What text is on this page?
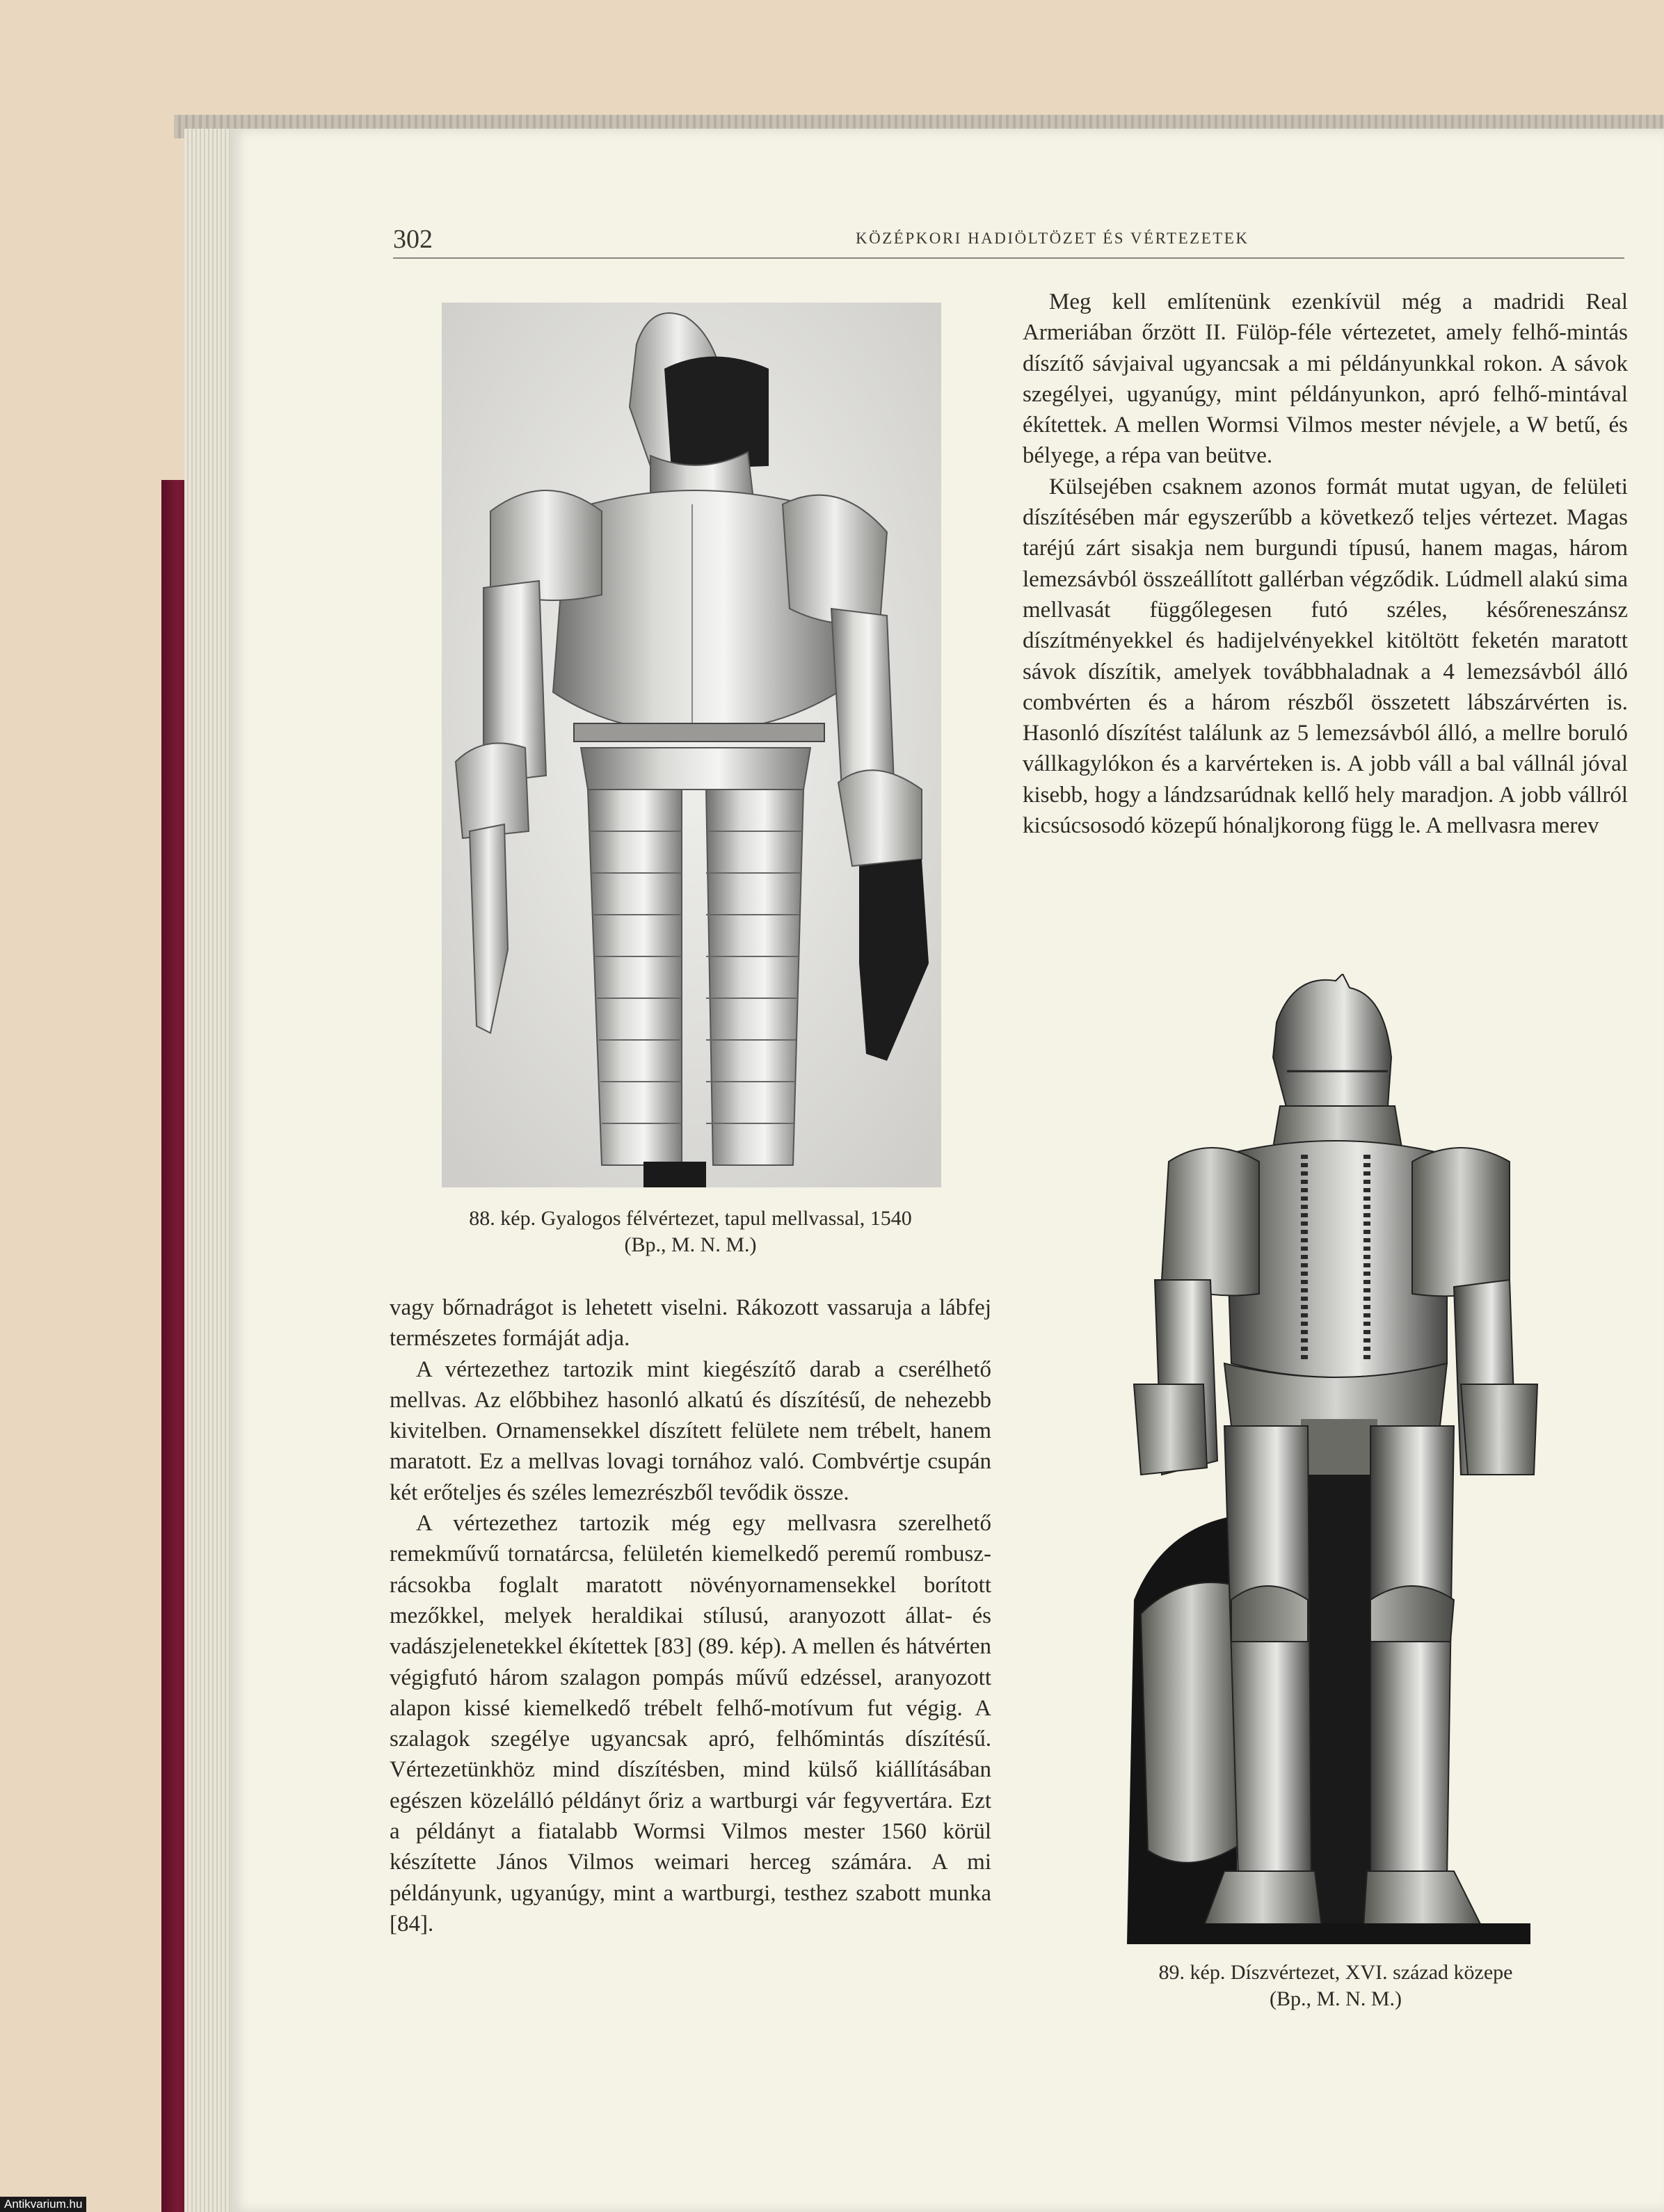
302	KÖZÉPKORI HADIÖLTÖZET ÉS VÉRTEZETEK
88. kép. Gyalogos félvértezet, tapul mellvassal, 1540
(Bp., M. N. M.)

Meg kell említenünk ezenkívül még a madridi Real Armeriában őrzött II. Fülöp-féle vértezetet, amely felhő-mintás díszítő sávjaival ugyancsak a mi példányunkkal rokon. A sávok szegélyei, ugyanúgy, mint példányunkon, apró felhő-mintával ékítettek. A mellen Wormsi Vilmos mester névjele, a W betű, és bélyege, a répa van beütve.

Külsejében csaknem azonos formát mutat ugyan, de felületi díszítésében már egyszerűbb a következő teljes vértezet. Magas taréjú zárt sisakja nem burgundi típusú, hanem magas, három lemezsávból összeállított gallérban végződik. Lúdmell alakú sima mellvasát függőlegesen futó széles, későreneszánsz díszítményekkel és hadijelvényekkel kitöltött feketén maratott sávok díszítik, amelyek továbbhaladnak a 4 lemezsávból álló combvérten és a három részből összetett lábszárvérten is. Hasonló díszítést találunk az 5 lemezsávból álló, a mellre boruló vállkagylókon és a karvérteken is. A jobb váll a bal vállnál jóval kisebb, hogy a lándzsarúdnak kellő hely maradjon. A jobb vállról kicsúcsosodó közepű hónaljkorong függ le. A mellvasra merev

89. kép. Díszvértezet, XVI. század közepe
(Bp., M. N. M.)

vagy bőrnadrágot is lehetett viselni. Rákozott vassaruja a lábfej természetes formáját adja.

A vértezethez tartozik mint kiegészítő darab a cserélhető mellvas. Az előbbihez hasonló alkatú és díszítésű, de nehezebb kivitelben. Ornamensekkel díszített felülete nem trébelt, hanem maratott. Ez a mellvas lovagi tornához való. Combvértje csupán két erőteljes és széles lemezrészből tevődik össze.

A vértezethez tartozik még egy mellvasra szerelhető remekművű tornatárcsa, felületén kiemelkedő peremű rombusz-rácsokba foglalt maratott növényornamensekkel borított mezőkkel, melyek heraldikai stílusú, aranyozott állat- és vadászjelenetekkel ékítettek [83] (89. kép). A mellen és hátvérten végigfutó három szalagon pompás művű edzéssel, aranyozott alapon kissé kiemelkedő trébelt felhő-motívum fut végig. A szalagok szegélye ugyancsak apró, felhőmintás díszítésű. Vértezetünkhöz mind díszítésben, mind külső kiállításában egészen közelálló példányt őriz a wartburgi vár fegyvertára. Ezt a példányt a fiatalabb Wormsi Vilmos mester 1560 körül készítette János Vilmos weimari herceg számára. A mi példányunk, ugyanúgy, mint a wartburgi, testhez szabott munka [84].

Antikvarium.hu
